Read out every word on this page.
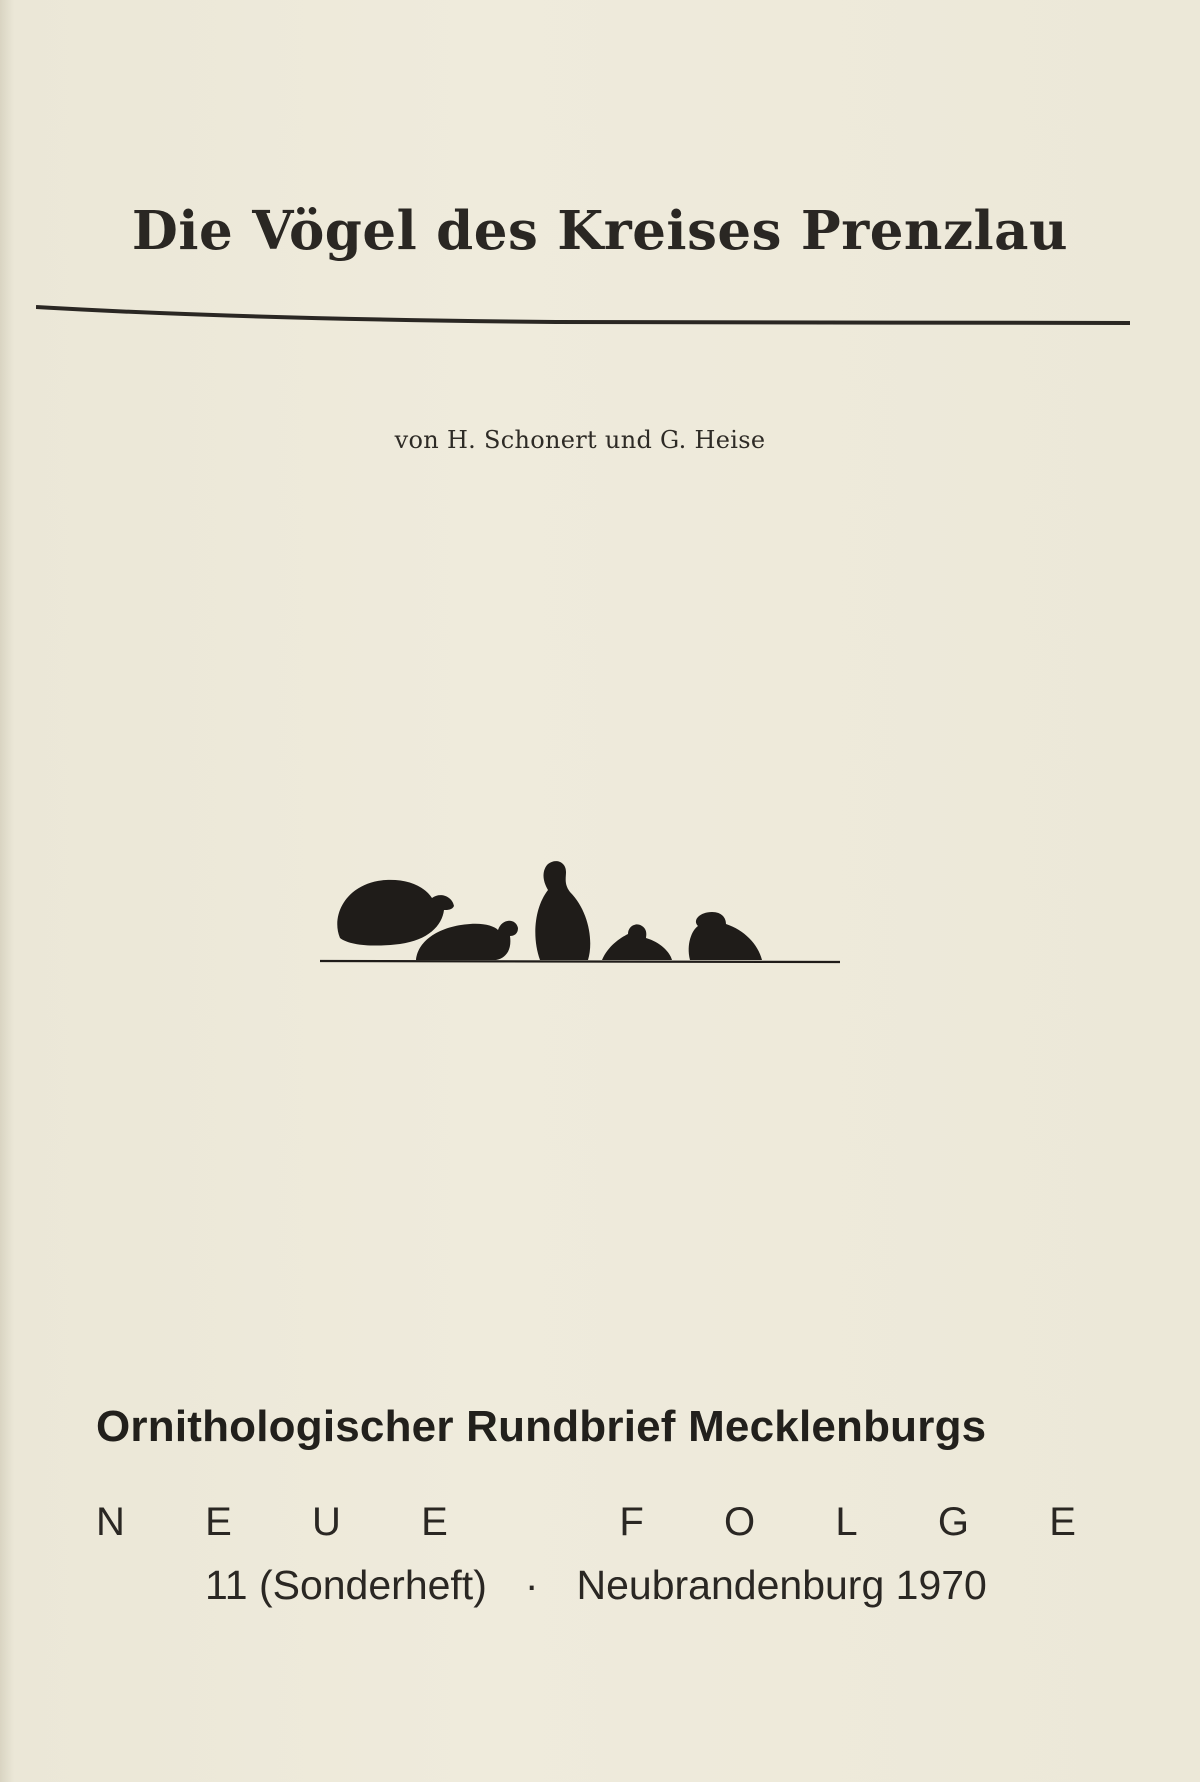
Die Vögel des Kreises Prenzlau
von H. Schonert und G. Heise
Ornithologischer Rundbrief Mecklenburgs
N E U E
	F O L G E
11 (Sonderheft) · Neubrandenburg 1970
